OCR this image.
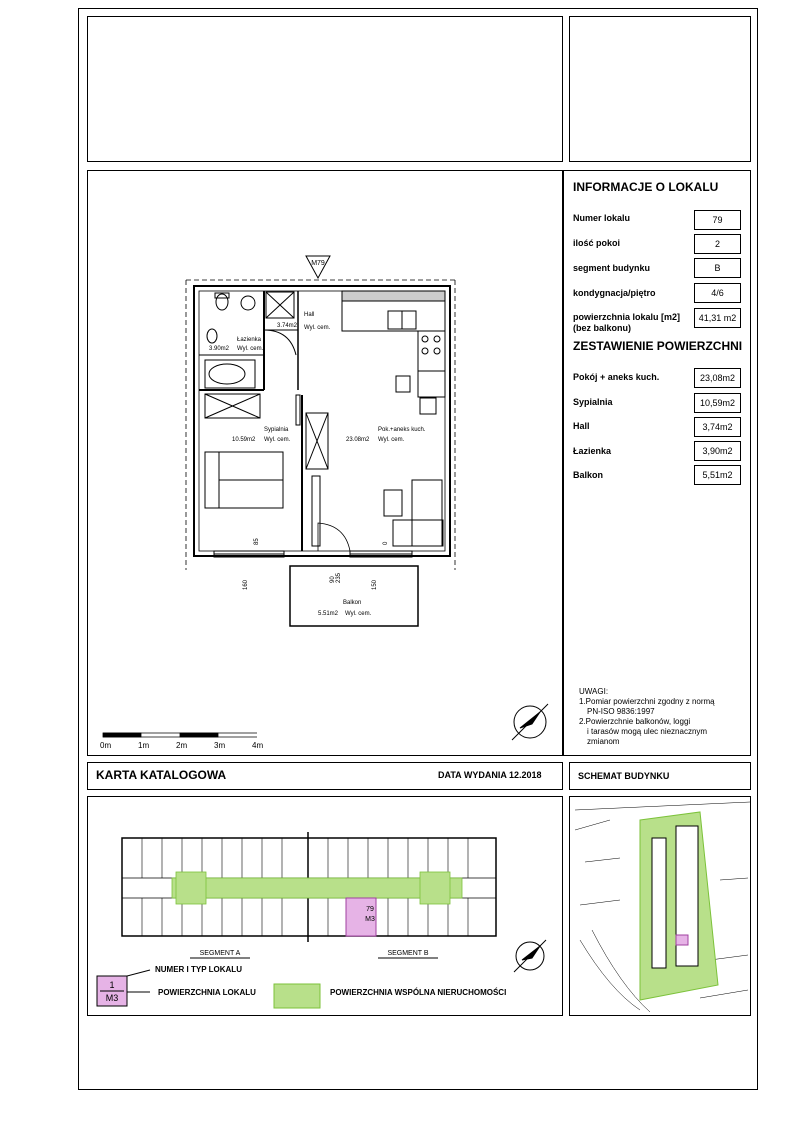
INFORMACJE O LOKALU
Numer lokalu	79
ilość pokoi	2
segment budynku	B
kondygnacja/piętro	4/6
powierzchnia lokalu [m2]
(bez balkonu)
41,31 m2
ZESTAWIENIE POWIERZCHNI
Pokój + aneks kuch.	23,08m2
Sypialnia	10,59m2
Hall	3,74m2
Łazienka	3,90m2
Balkon	5,51m2
UWAGI:
1.Pomiar powierzchni zgodny z normą
PN-ISO 9836:1997
2.Powierzchnie balkonów, loggi
i tarasów mogą ulec nieznacznym
zmianom
M79
3.74m2
Hall
Wyl. cem.
Łazienka
3.90m2 Wyl. cem.
Sypialnia
10.59m2 Wyl. cem.
Pok.+aneks kuch.
23.08m2 Wyl. cem.
Balkon
5.51m2 Wyl. cem.
160
85
150
90 235
0
0m	1m	2m	3m	4m
KARTA KATALOGOWA	DATA WYDANIA 12.2018	SCHEMAT BUDYNKU
79
M3
SEGMENT A	SEGMENT B
1
M3
NUMER I TYP LOKALU
POWIERZCHNIA LOKALU	POWIERZCHNIA WSPÓLNA NIERUCHOMOŚCI
